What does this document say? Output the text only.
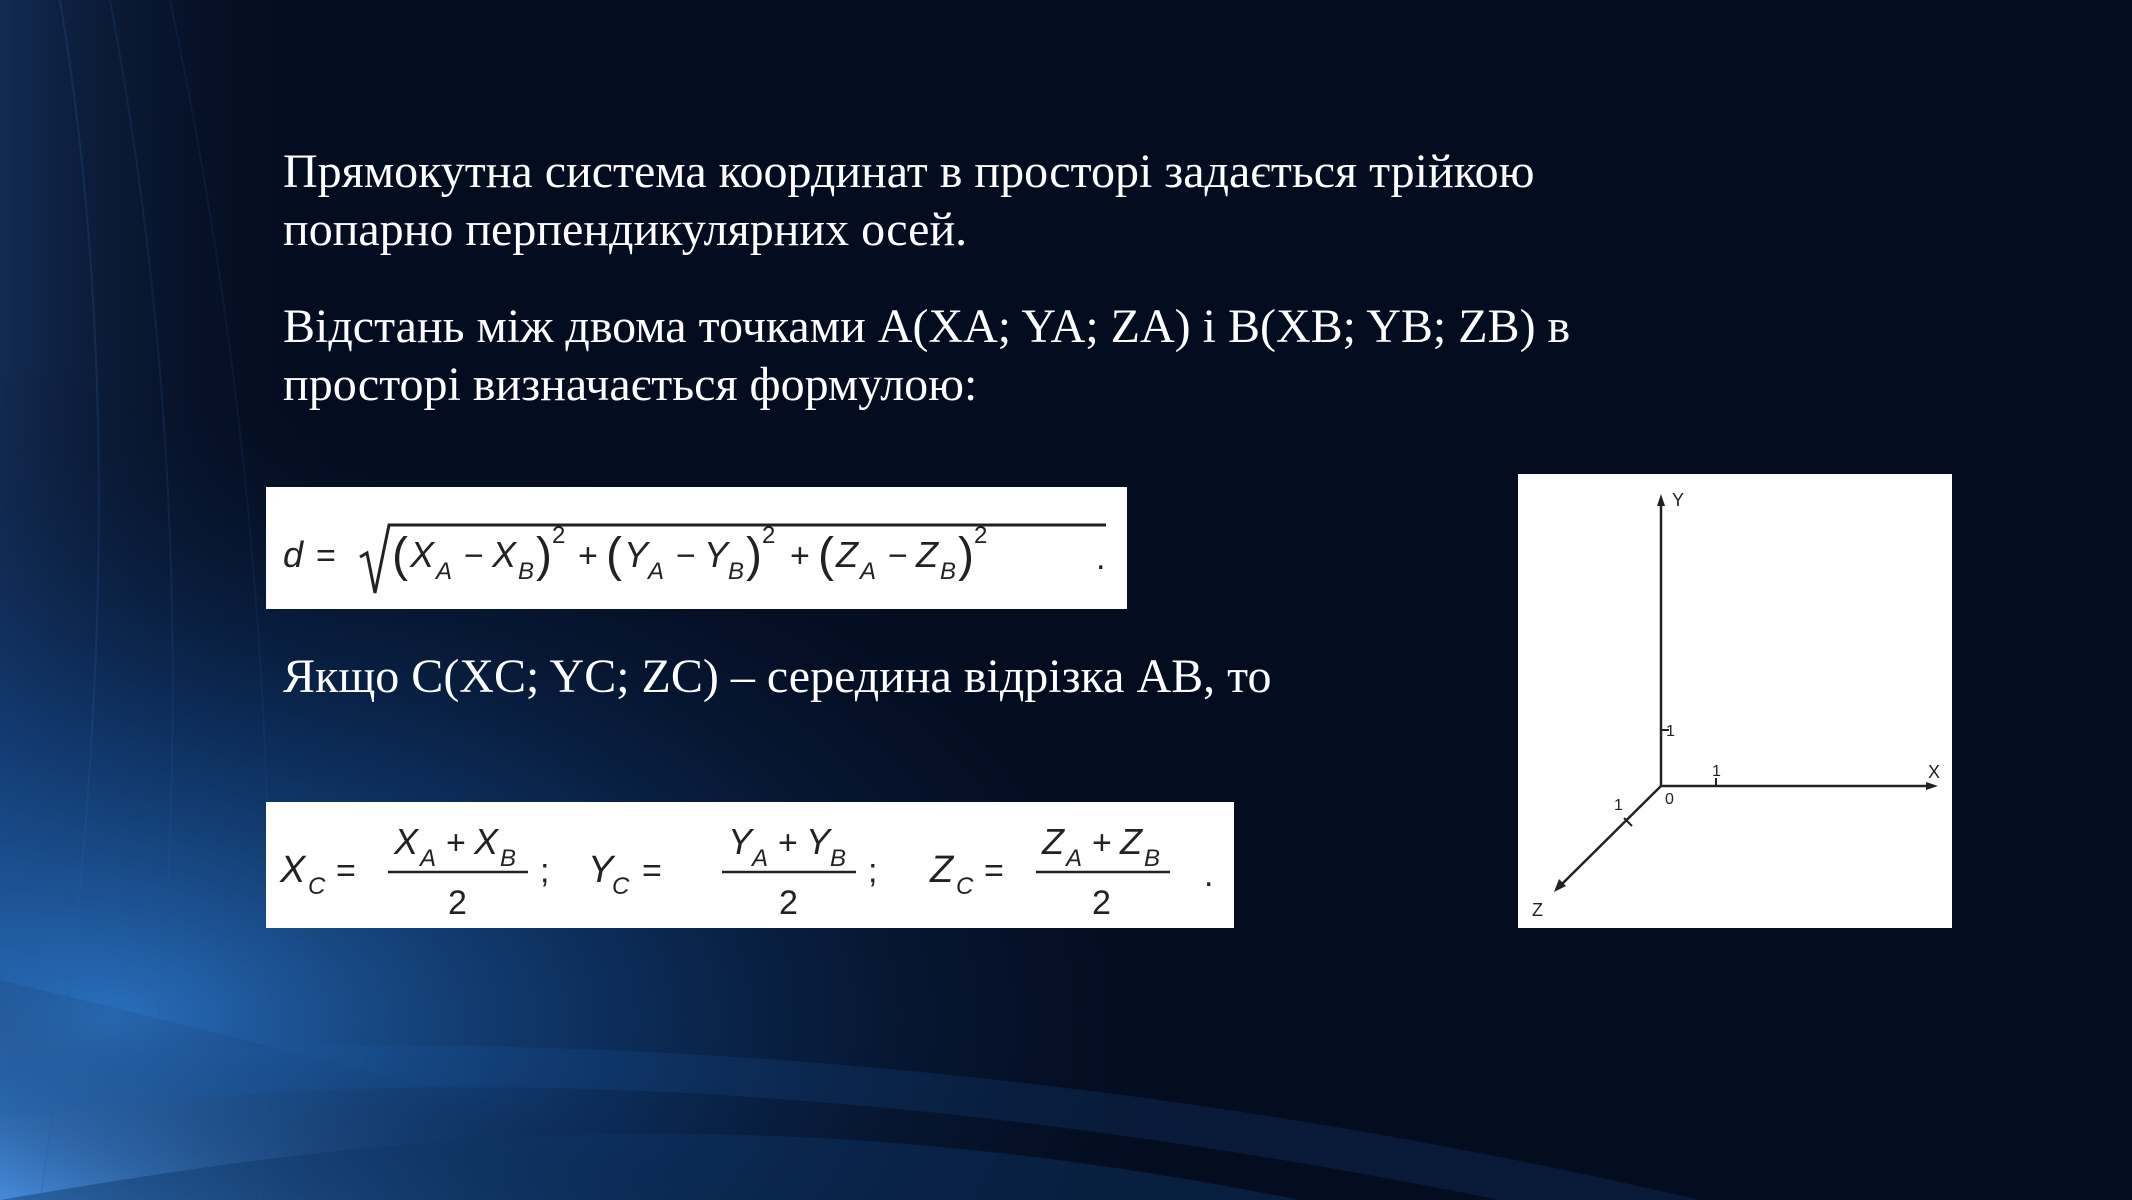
Прямокутна система координат в просторі задається трійкою
попарно перпендикулярних осей.
Відстань між двома точками A(XA; YA; ZA) і B(XB; YB; ZB) в
просторі визначається формулою:
Якщо C(XC; YC; ZC) – середина відрізка AB, то
d = ( X A − X B ) 2
+ ( Y A − Y B ) 2
+ ( Z A − Z B ) 2
.
X C =
X A + X B
2
; Y
C =
Y A + Y B
2
; Z C =
Z A + Z B
2
.
Y
1
X
1
0
Z
1
